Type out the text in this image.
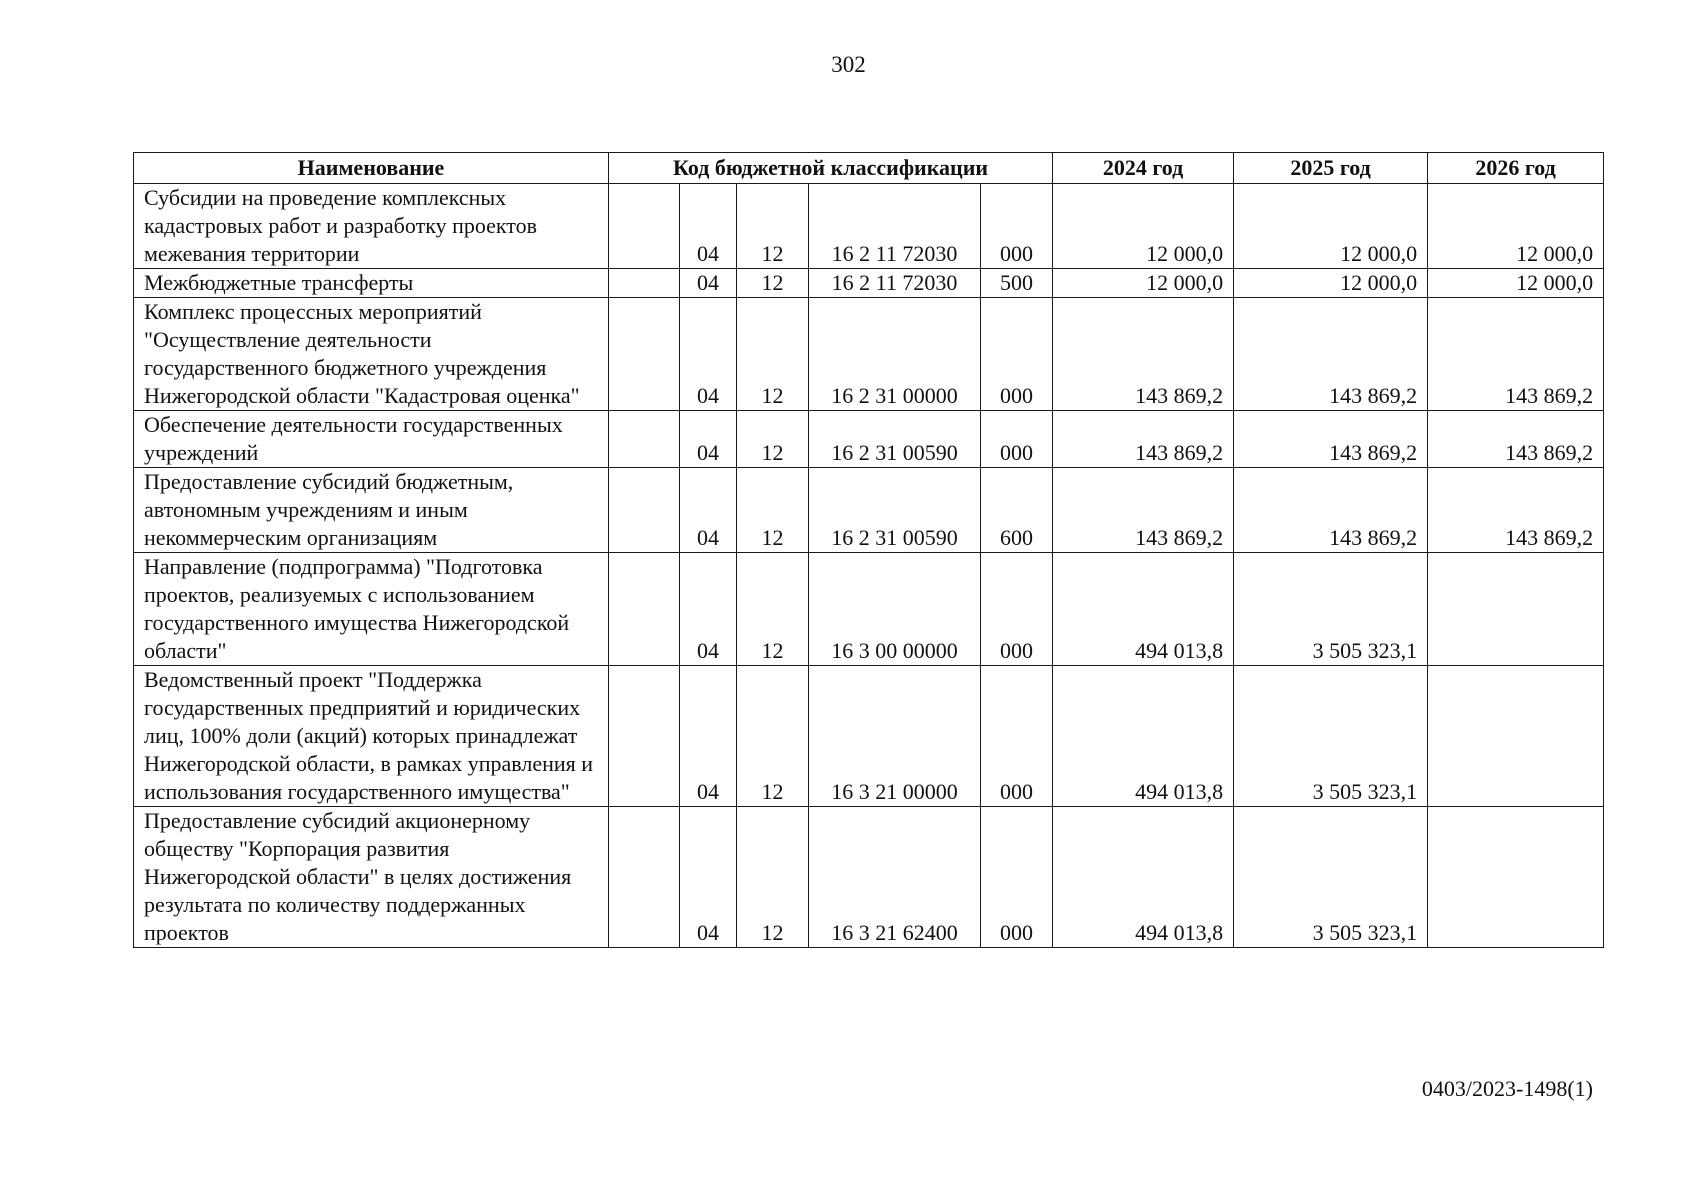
302
Наименование	Код бюджетной классификации					2024 год	2025 год	2026 год
Субсидии на проведение комплексных кадастровых работ и разработку проектов межевания территории		04	12	16 2 11 72030	000	12 000,0	12 000,0	12 000,0
Межбюджетные трансферты		04	12	16 2 11 72030	500	12 000,0	12 000,0	12 000,0
Комплекс процессных мероприятий "Осуществление деятельности государственного бюджетного учреждения Нижегородской области "Кадастровая оценка"		04	12	16 2 31 00000	000	143 869,2	143 869,2	143 869,2
Обеспечение деятельности государственных учреждений		04	12	16 2 31 00590	000	143 869,2	143 869,2	143 869,2
Предоставление субсидий бюджетным, автономным учреждениям и иным некоммерческим организациям		04	12	16 2 31 00590	600	143 869,2	143 869,2	143 869,2
Направление (подпрограмма) "Подготовка проектов, реализуемых с использованием государственного имущества Нижегородской области"		04	12	16 3 00 00000	000	494 013,8	3 505 323,1	
Ведомственный проект "Поддержка государственных предприятий и юридических лиц, 100% доли (акций) которых принадлежат Нижегородской области, в рамках управления и использования государственного имущества"		04	12	16 3 21 00000	000	494 013,8	3 505 323,1	
Предоставление субсидий акционерному обществу "Корпорация развития Нижегородской области" в целях достижения результата по количеству поддержанных проектов		04	12	16 3 21 62400	000	494 013,8	3 505 323,1	
0403/2023-1498(1)
